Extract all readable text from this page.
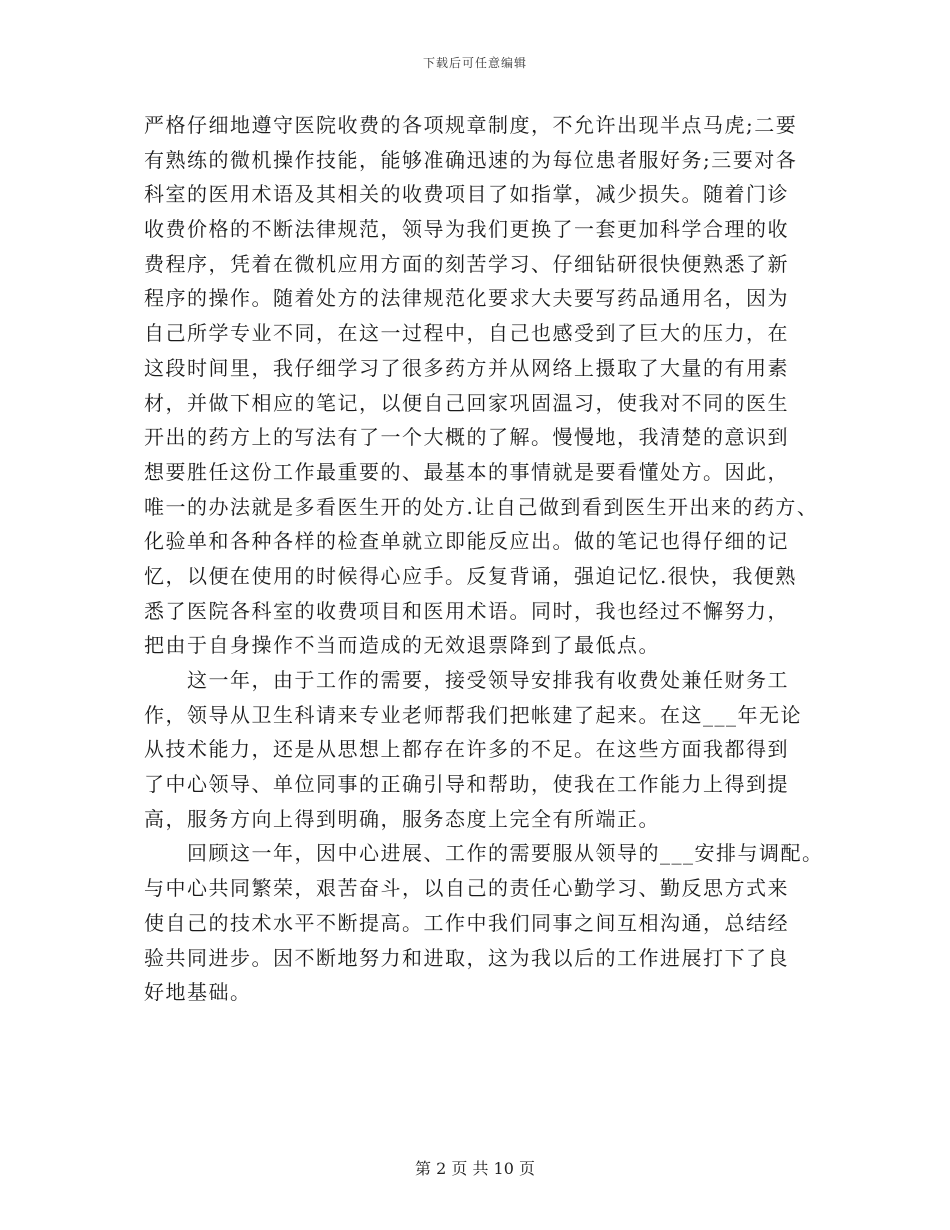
下载后可任意编辑
严格仔细地遵守医院收费的各项规章制度，不允许出现半点马虎;二要
有熟练的微机操作技能，能够准确迅速的为每位患者服好务;三要对各
科室的医用术语及其相关的收费项目了如指掌，减少损失。随着门诊
收费价格的不断法律规范，领导为我们更换了一套更加科学合理的收
费程序，凭着在微机应用方面的刻苦学习、仔细钻研很快便熟悉了新
程序的操作。随着处方的法律规范化要求大夫要写药品通用名，因为
自己所学专业不同，在这一过程中，自己也感受到了巨大的压力，在
这段时间里，我仔细学习了很多药方并从网络上摄取了大量的有用素
材，并做下相应的笔记，以便自己回家巩固温习，使我对不同的医生
开出的药方上的写法有了一个大概的了解。慢慢地，我清楚的意识到
想要胜任这份工作最重要的、最基本的事情就是要看懂处方。因此，
唯一的办法就是多看医生开的处方.让自己做到看到医生开出来的药方、
化验单和各种各样的检查单就立即能反应出。做的笔记也得仔细的记
忆，以便在使用的时候得心应手。反复背诵，强迫记忆.很快，我便熟
悉了医院各科室的收费项目和医用术语。同时，我也经过不懈努力，
把由于自身操作不当而造成的无效退票降到了最低点。
　　这一年，由于工作的需要，接受领导安排我有收费处兼任财务工
作，领导从卫生科请来专业老师帮我们把帐建了起来。在这___年无论
从技术能力，还是从思想上都存在许多的不足。在这些方面我都得到
了中心领导、单位同事的正确引导和帮助，使我在工作能力上得到提
高，服务方向上得到明确，服务态度上完全有所端正。
　　回顾这一年，因中心进展、工作的需要服从领导的___安排与调配。
与中心共同繁荣，艰苦奋斗，以自己的责任心勤学习、勤反思方式来
使自己的技术水平不断提高。工作中我们同事之间互相沟通，总结经
验共同进步。因不断地努力和进取，这为我以后的工作进展打下了良
好地基础。
第 2 页 共 10 页
